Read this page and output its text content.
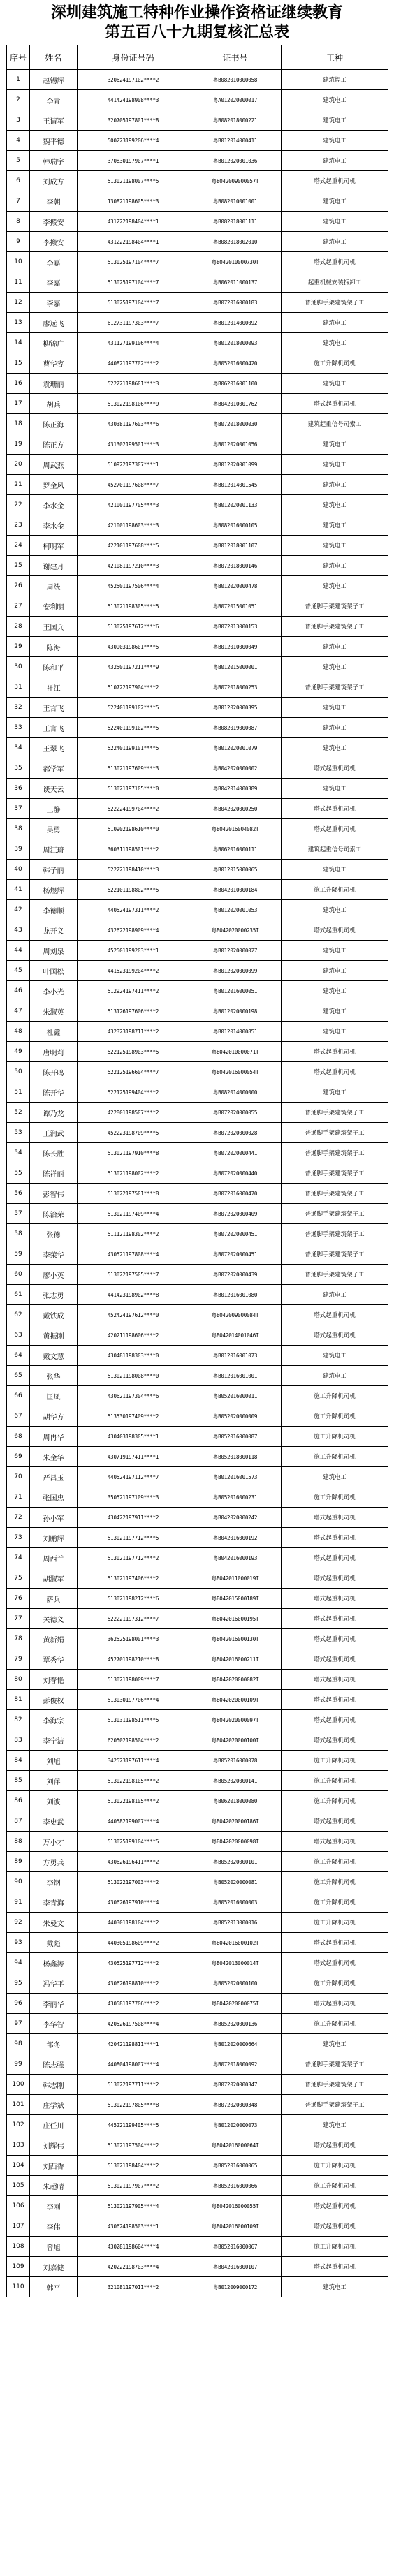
深圳建筑施工特种作业操作资格证继续教育
第五百八十九期复核汇总表
序号	姓名	身份证号码	证书号	工种
1	赵锡辉	320624197102****2	粤B082010000058	建筑焊工
2	李青	441424198908****3	粤A012020000017	建筑电工
3	王请军	320705197801****8	粤B082018000221	建筑电工
4	魏平德	500223199206****4	粤B012014000411	建筑电工
5	韩瑞宇	370830197907****1	粤B012020001036	建筑电工
6	刘成方	513021198007****5	粤B042009000057T	塔式起重机司机
7	李朝	130821198605****3	粤B082010001001	建筑电工
8	李搬安	431222198404****1	粤B082018001111	建筑电工
9	李搬安	431222198404****1	粤B082018002010	建筑电工
10	李嘉	513025197104****7	粤B042010000730T	塔式起重机司机
11	李嘉	513025197104****7	粤B062011000137	起重机械安装拆卸工
12	李嘉	513025197104****7	粤B072016000183	普通脚手架建筑架子工
13	廖远飞	612731197303****7	粤B012014000092	建筑电工
14	柳锦广	431127199106****4	粤B012018000093	建筑电工
15	曹华容	440821197702****2	粤B052016000420	施工升降机司机
16	袁珊丽	522221198601****3	粤B062016001100	建筑电工
17	胡兵	513022198106****9	粤B042010001762	塔式起重机司机
18	陈正海	430381197603****6	粤B072018000030	建筑起重信号司索工
19	陈正方	431302199501****3	粤B012020001056	建筑电工
20	周武燕	510922197307****1	粤B012020001099	建筑电工
21	罗金风	452701197608****7	粤B012014001545	建筑电工
22	李水金	421001197705****3	粤B012020001133	建筑电工
23	李水金	421001198603****3	粤B082016000105	建筑电工
24	柯明军	422101197608****5	粤B012018001107	建筑电工
25	谢建月	421081197210****3	粤B072018000146	建筑电工
26	周统	452501197506****4	粤B012020000478	建筑电工
27	安利明	513021198305****5	粤B072015001051	普通脚手架建筑架子工
28	王国兵	513025197612****6	粤B072013000153	普通脚手架建筑架子工
29	陈海	430903198601****5	粤B012010000049	建筑电工
30	陈和平	432501197211****9	粤B012015000001	建筑电工
31	祥江	510722197904****2	粤B072018000253	普通脚手架建筑架子工
32	王言飞	522401199102****5	粤B012020000395	建筑电工
33	王言飞	522401199102****5	粤B082019000087	建筑电工
34	王翠飞	522401199101****5	粤B012020001079	建筑电工
35	郝学军	513021197609****3	粤B042020000002	塔式起重机司机
36	谈天云	513021197105****0	粤B042014000389	建筑电工
37	王静	522224199704****2	粤B042020000250	塔式起重机司机
38	吴勇	510902198610****0	粤B042016004082T	塔式起重机司机
39	周江琦	360311198501****2	粤B062016000111	建筑起重信号司索工
40	韩子丽	522221198410****3	粤B012015000065	建筑电工
41	杨煜辉	522101198802****5	粤B042010000184	施工升降机司机
42	李德顺	440524197311****2	粤B012020001053	建筑电工
43	龙开义	432622198909****4	粤B042020000235T	塔式起重机司机
44	周刘泉	452501199203****1	粤B012020000027	建筑电工
45	叶国松	441523199204****2	粤B012020000099	建筑电工
46	李小光	512924197411****2	粤B012016000051	建筑电工
47	朱淑英	513126197606****2	粤B012020000198	建筑电工
48	杜鑫	432323198711****2	粤B012014000851	建筑电工
49	唐明莉	522125198903****5	粤B042010000071T	塔式起重机司机
50	陈开鸣	522125196604****7	粤B042016000054T	塔式起重机司机
51	陈开华	522125199404****2	粤B082014000000	建筑电工
52	谭乃龙	422801198507****2	粤B072020000055	普通脚手架建筑架子工
53	王润武	452223198709****5	粤B072020000028	普通脚手架建筑架子工
54	陈长胜	513021197910****8	粤B072020000441	普通脚手架建筑架子工
55	陈祥丽	513021198002****2	粤B072020000440	普通脚手架建筑架子工
56	彭智伟	513022197501****8	粤B072016000470	普通脚手架建筑架子工
57	陈治荣	513021197409****4	粤B072020000409	普通脚手架建筑架子工
58	张德	511121198302****2	粤B072020000451	普通脚手架建筑架子工
59	李荣华	430521197808****4	粤B072020000451	普通脚手架建筑架子工
60	廖小英	513022197505****7	粤B072020000439	普通脚手架建筑架子工
61	张志勇	441423198902****8	粤B012016001080	建筑电工
62	戴铁成	452424197612****0	粤B042009000084T	塔式起重机司机
63	黄振刚	420211198606****2	粤B042014001046T	塔式起重机司机
64	戴文慧	430481198303****0	粤B012016001073	建筑电工
65	张华	513021198008****0	粤B012016001001	建筑电工
66	匡凤	430621197304****6	粤B052016000011	施工升降机司机
67	胡华方	513530197409****2	粤B052020000009	施工升降机司机
68	周冉华	430403198305****1	粤B052016000087	施工升降机司机
69	朱金华	430719197411****1	粤B052018000118	施工升降机司机
70	严昌玉	440524197112****7	粤B012016001573	建筑电工
71	张国忠	350521197109****3	粤B052016000231	施工升降机司机
72	孙小军	430422197911****2	粤B042020000242	塔式起重机司机
73	刘鹏辉	513021197712****5	粤B042016000192	塔式起重机司机
74	周西兰	513021197712****2	粤B042016000193	塔式起重机司机
75	胡淑军	513021197406****2	粤B042011000019T	塔式起重机司机
76	萨兵	513021198212****6	粤B042015000189T	塔式起重机司机
77	关德义	522221197312****7	粤B042016000195T	塔式起重机司机
78	黄新娟	362525198001****3	粤B042016000130T	塔式起重机司机
79	覃秀华	452701198210****8	粤B042016000211T	塔式起重机司机
80	刘春艳	513021198009****7	粤B042020000082T	塔式起重机司机
81	彭俊权	513030197706****4	粤B042020000109T	塔式起重机司机
82	李海宗	513031198511****5	粤B042020000097T	塔式起重机司机
83	李宁洁	620502198504****2	粤B042020000100T	塔式起重机司机
84	刘旭	342523197611****4	粤B052016000078	施工升降机司机
85	刘萍	513022198105****2	粤B052020000141	施工升降机司机
86	刘波	513022198105****2	粤B062018000080	施工升降机司机
87	李史武	440582199007****4	粤B042020000186T	塔式起重机司机
88	万小才	513025199104****5	粤B042020000098T	塔式起重机司机
89	方勇兵	430626196411****2	粤B052020000101	施工升降机司机
90	李钢	513022197003****2	粤B052020000081	施工升降机司机
91	李青海	430626197910****4	粤B052016000003	施工升降机司机
92	朱曼文	440301198104****2	粤B052013000016	施工升降机司机
93	戴彪	440305198609****2	粤B042016000102T	塔式起重机司机
94	杨鑫涛	430525197712****2	粤B042013000014T	塔式起重机司机
95	冯华平	430626198810****2	粤B052020000100	施工升降机司机
96	李丽华	430581197706****2	粤B042020000075T	塔式起重机司机
97	李华智	420526197508****4	粤B052020000136	施工升降机司机
98	邹冬	420421198811****1	粤B012020000664	建筑电工
99	陈志强	440804198007****4	粤B072018000092	普通脚手架建筑架子工
100	韩志刚	513022197711****2	粤B072020000347	普通脚手架建筑架子工
101	庄学斌	513022197805****8	粤B072020000348	普通脚手架建筑架子工
102	庄任川	445221199405****5	粤B012020000073	建筑电工
103	刘辉伟	513021197504****2	粤B042016000064T	塔式起重机司机
104	刘西香	513021198404****2	粤B052016000065	施工升降机司机
105	朱超晴	513021197907****2	粤B052016000066	施工升降机司机
106	李刚	513021197905****4	粤B042016000055T	塔式起重机司机
107	李伟	430624198503****1	粤B042016000109T	塔式起重机司机
108	曾旭	430281198604****4	粤B052016000067	施工升降机司机
109	刘嘉健	420222198703****4	粤B042016000107	塔式起重机司机
110	韩平	321081197011****2	粤B012009000172	建筑电工
